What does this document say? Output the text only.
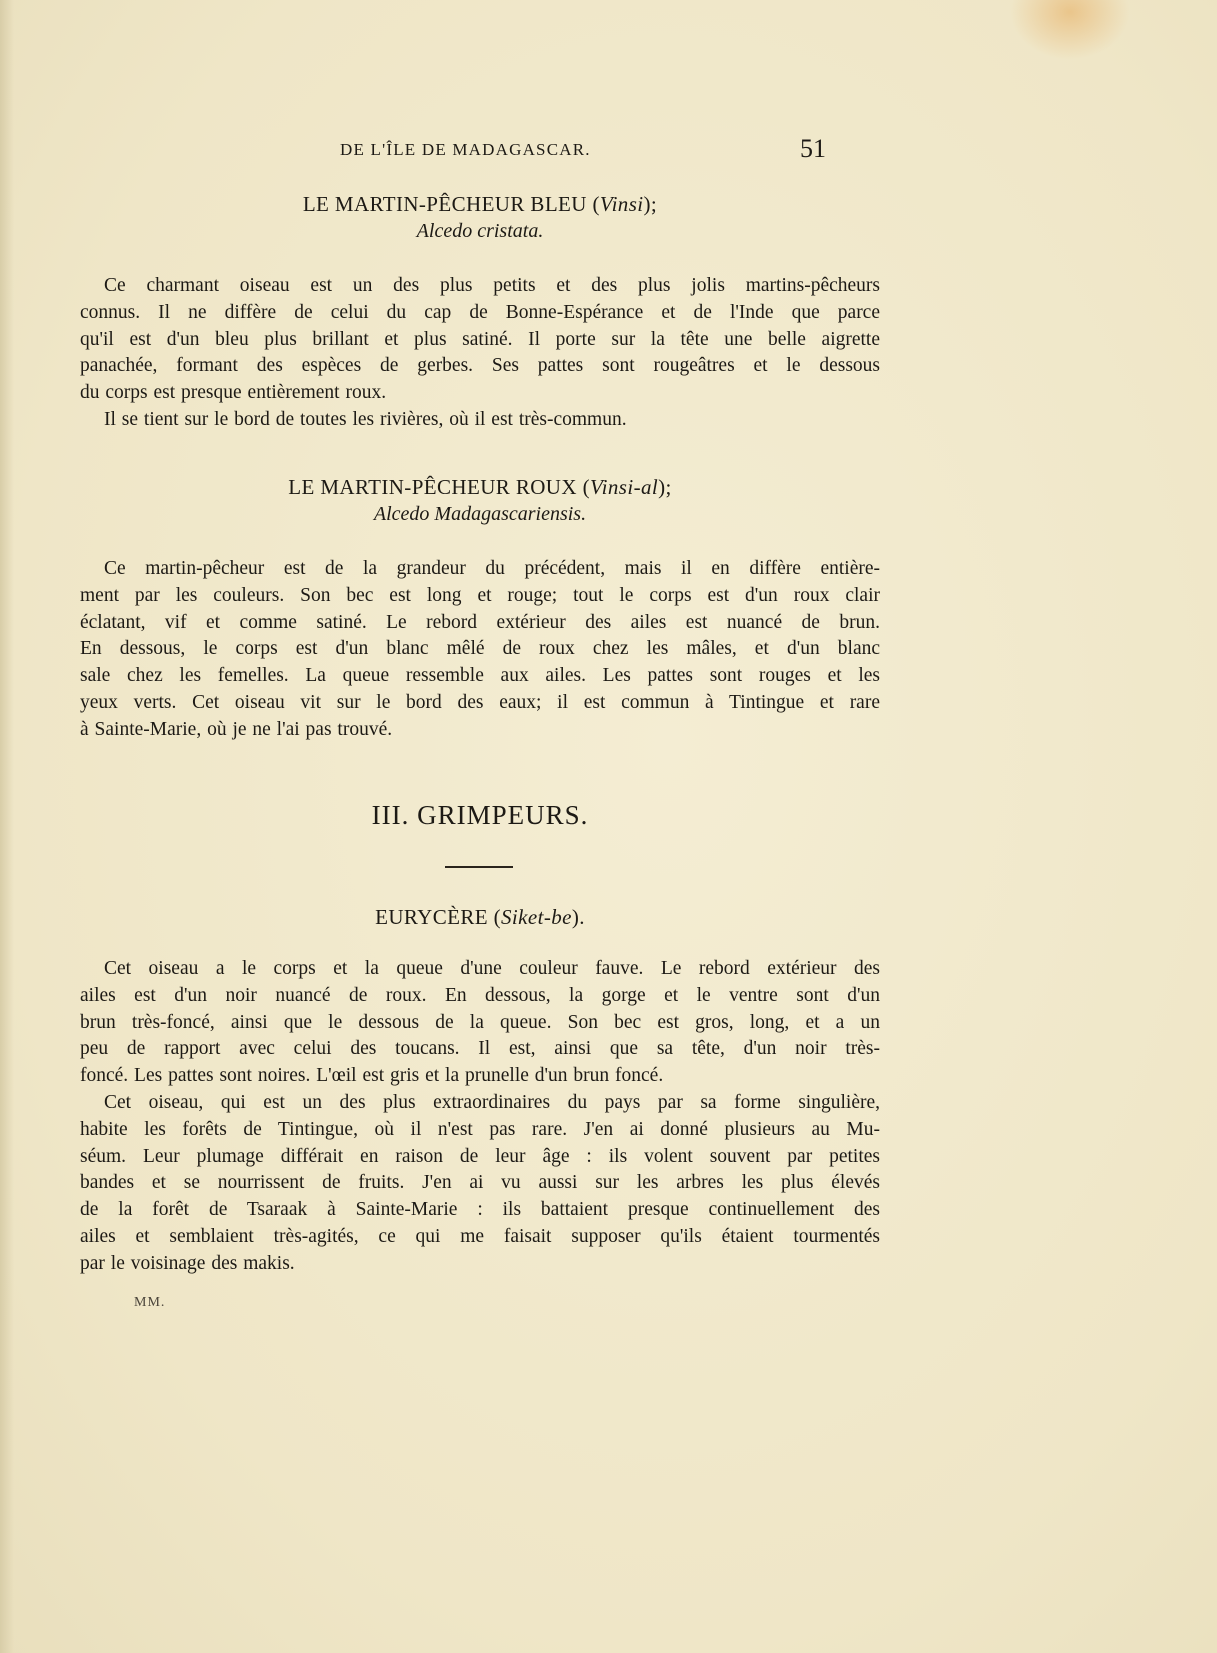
DE L'ÎLE DE MADAGASCAR.	51
LE MARTIN-PÊCHEUR BLEU (Vinsi);
Alcedo cristata.
Ce charmant oiseau est un des plus petits et des plus jolis martins-pêcheurs
connus. Il ne diffère de celui du cap de Bonne-Espérance et de l'Inde que parce
qu'il est d'un bleu plus brillant et plus satiné. Il porte sur la tête une belle aigrette
panachée, formant des espèces de gerbes. Ses pattes sont rougeâtres et le dessous
du corps est presque entièrement roux.
Il se tient sur le bord de toutes les rivières, où il est très-commun.
LE MARTIN-PÊCHEUR ROUX (Vinsi-al);
Alcedo Madagascariensis.
Ce martin-pêcheur est de la grandeur du précédent, mais il en diffère entière-
ment par les couleurs. Son bec est long et rouge; tout le corps est d'un roux clair
éclatant, vif et comme satiné. Le rebord extérieur des ailes est nuancé de brun.
En dessous, le corps est d'un blanc mêlé de roux chez les mâles, et d'un blanc
sale chez les femelles. La queue ressemble aux ailes. Les pattes sont rouges et les
yeux verts. Cet oiseau vit sur le bord des eaux; il est commun à Tintingue et rare
à Sainte-Marie, où je ne l'ai pas trouvé.
III. GRIMPEURS.
EURYCÈRE (Siket-be).
Cet oiseau a le corps et la queue d'une couleur fauve. Le rebord extérieur des
ailes est d'un noir nuancé de roux. En dessous, la gorge et le ventre sont d'un
brun très-foncé, ainsi que le dessous de la queue. Son bec est gros, long, et a un
peu de rapport avec celui des toucans. Il est, ainsi que sa tête, d'un noir très-
foncé. Les pattes sont noires. L'œil est gris et la prunelle d'un brun foncé.
Cet oiseau, qui est un des plus extraordinaires du pays par sa forme singulière,
habite les forêts de Tintingue, où il n'est pas rare. J'en ai donné plusieurs au Mu-
séum. Leur plumage différait en raison de leur âge : ils volent souvent par petites
bandes et se nourrissent de fruits. J'en ai vu aussi sur les arbres les plus élevés
de la forêt de Tsaraak à Sainte-Marie : ils battaient presque continuellement des
ailes et semblaient très-agités, ce qui me faisait supposer qu'ils étaient tourmentés
par le voisinage des makis.
MM.
